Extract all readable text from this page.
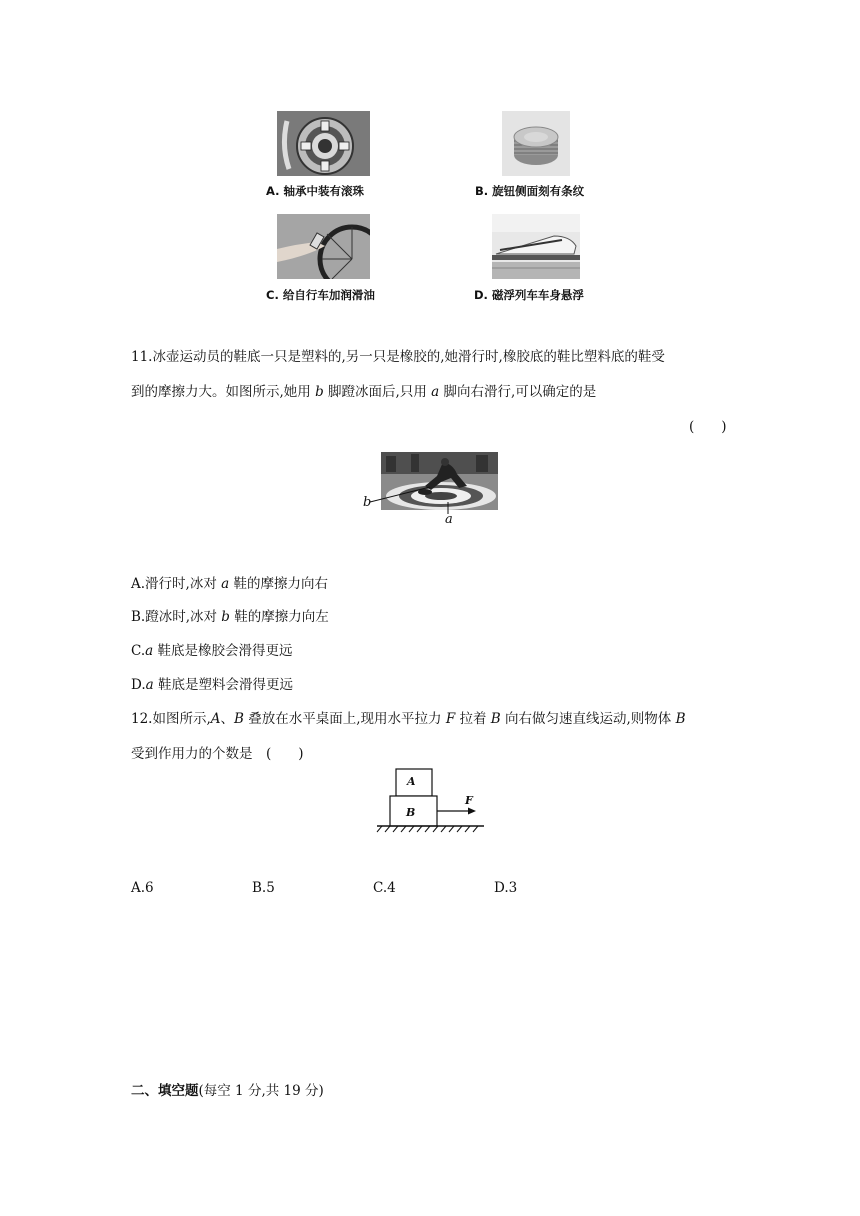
A. 轴承中装有滚珠	B. 旋钮侧面刻有条纹
C. 给自行车加润滑油	D. 磁浮列车车身悬浮
11.冰壶运动员的鞋底一只是塑料的,另一只是橡胶的,她滑行时,橡胶底的鞋比塑料底的鞋受
到的摩擦力大。如图所示,她用 b 脚蹬冰面后,只用 a 脚向右滑行,可以确定的是
(　　)
b
a
A.滑行时,冰对 a 鞋的摩擦力向右
B.蹬冰时,冰对 b 鞋的摩擦力向左
C.a 鞋底是橡胶会滑得更远
D.a 鞋底是塑料会滑得更远
12.如图所示,A、B 叠放在水平桌面上,现用水平拉力 F 拉着 B 向右做匀速直线运动,则物体 B
受到作用力的个数是　(　　)
A
B
F
A.6	B.5	C.4	D.3
二、填空题(每空 1 分,共 19 分)
